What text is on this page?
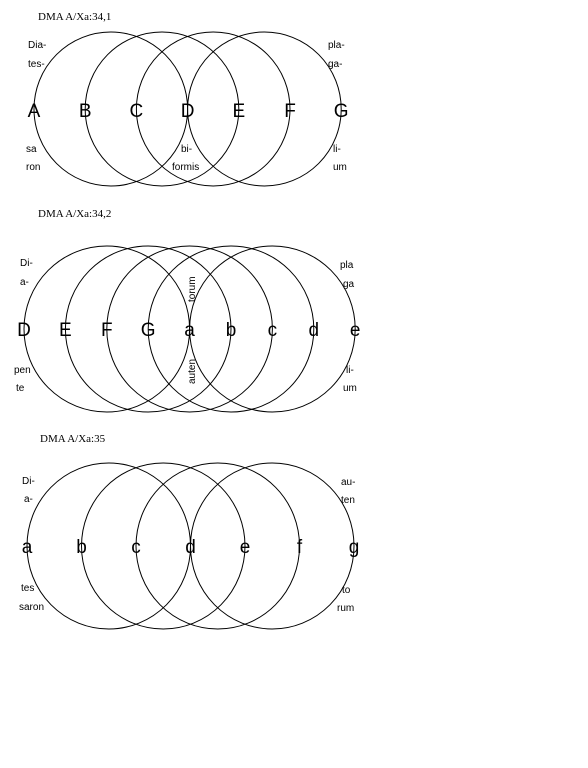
DMA A/Xa:34,1
A B C D E F G
Dia-
tes-
pla-
ga-
sa
ron
li-
um
bi-
formis
DMA A/Xa:34,2
D E F G a b c d e
Di-
a-
pla
ga
pen
te
li-
um
torum
auten
DMA A/Xa:35
a b c d e f g
Di-
a-
au-
ten
tes
saron
to
rum
